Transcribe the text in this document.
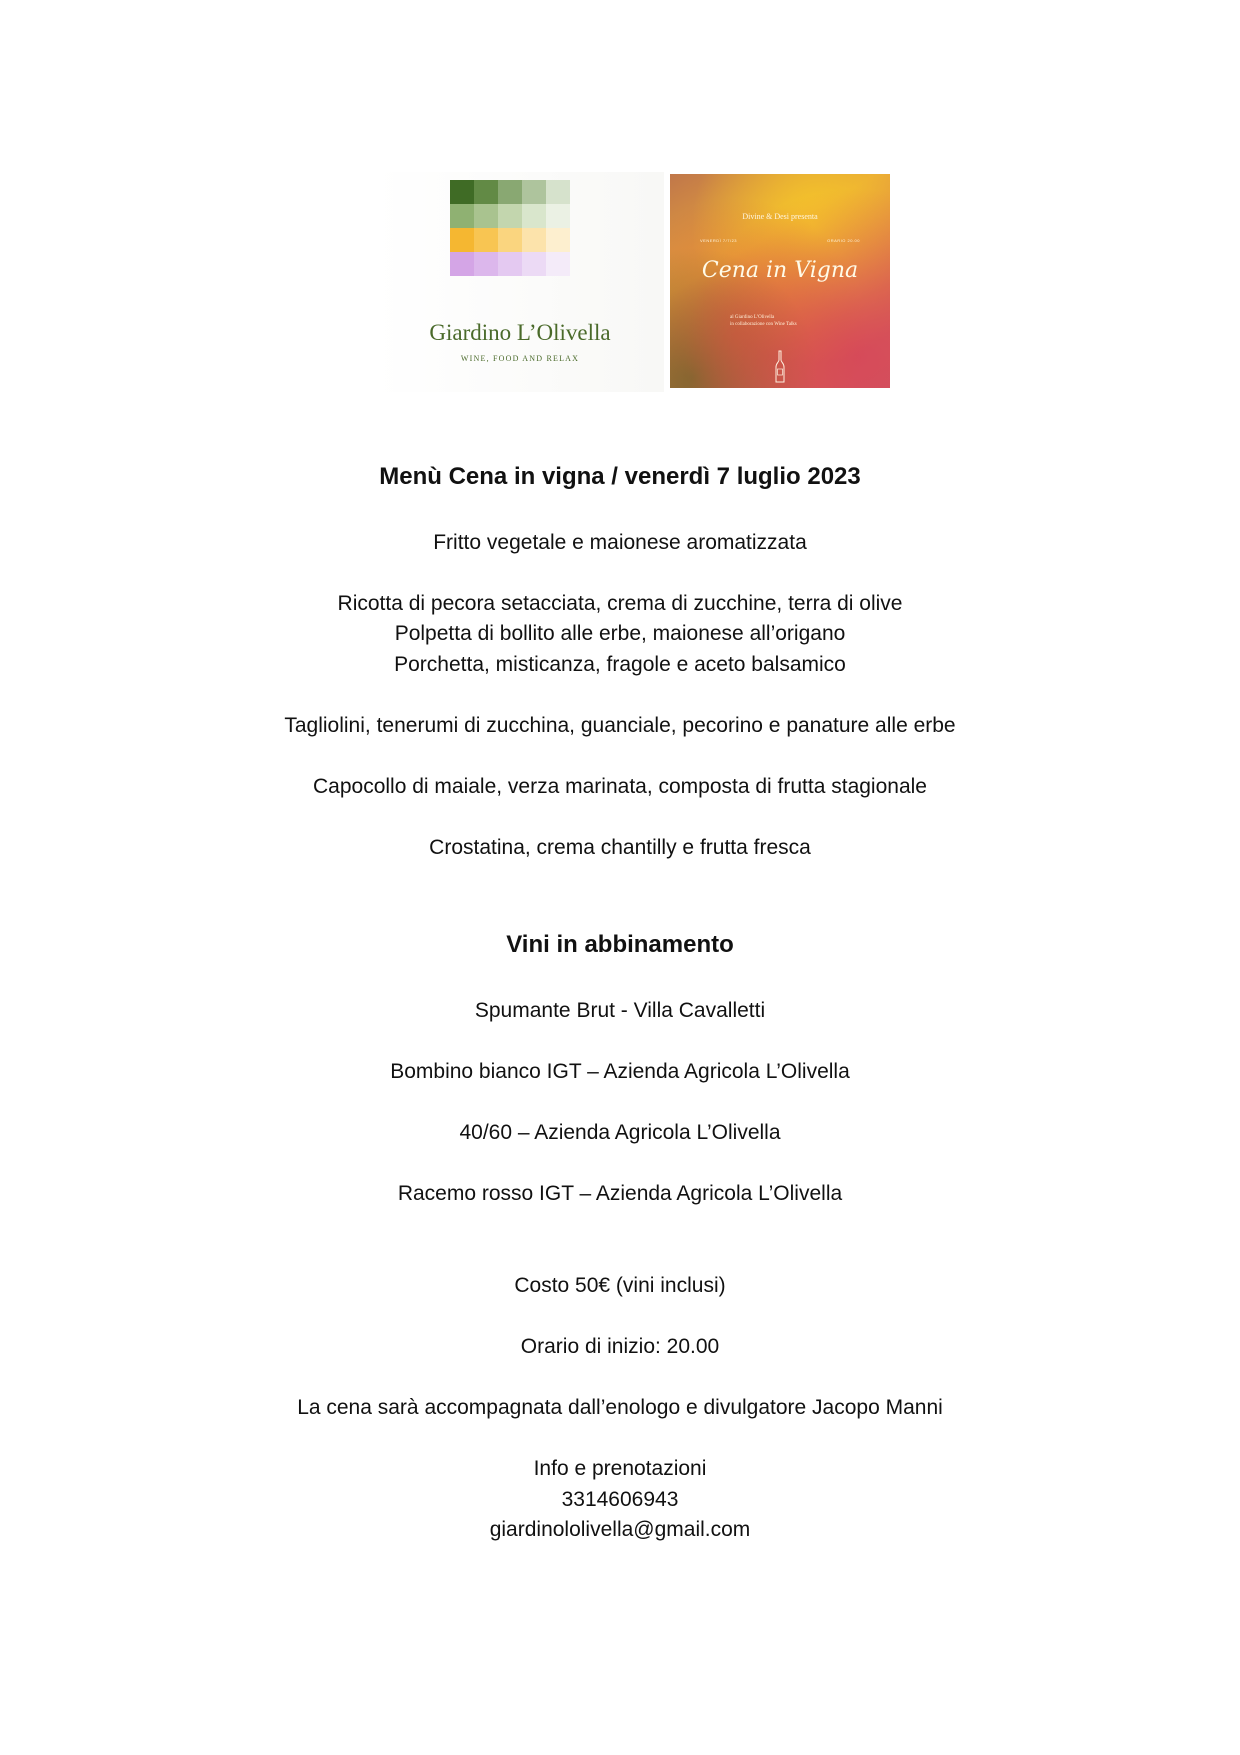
Giardino L’Olivella
WINE, FOOD AND RELAX
Divine & Desi presenta
VENERDÌ 7/7/23	ORARIO 20.00
Cena in Vigna
al Giardino L’Olivella
in collaborazione con Wine Talks
Menù Cena in vigna / venerdì 7 luglio 2023
Fritto vegetale e maionese aromatizzata
Ricotta di pecora setacciata, crema di zucchine, terra di olive
Polpetta di bollito alle erbe, maionese all’origano
Porchetta, misticanza, fragole e aceto balsamico
Tagliolini, tenerumi di zucchina, guanciale, pecorino e panature alle erbe
Capocollo di maiale, verza marinata, composta di frutta stagionale
Crostatina, crema chantilly e frutta fresca
Vini in abbinamento
Spumante Brut - Villa Cavalletti
Bombino bianco IGT – Azienda Agricola L’Olivella
40/60 – Azienda Agricola L’Olivella
Racemo rosso IGT – Azienda Agricola L’Olivella
Costo 50€ (vini inclusi)
Orario di inizio: 20.00
La cena sarà accompagnata dall’enologo e divulgatore Jacopo Manni
Info e prenotazioni
3314606943
giardinololivella@gmail.com
